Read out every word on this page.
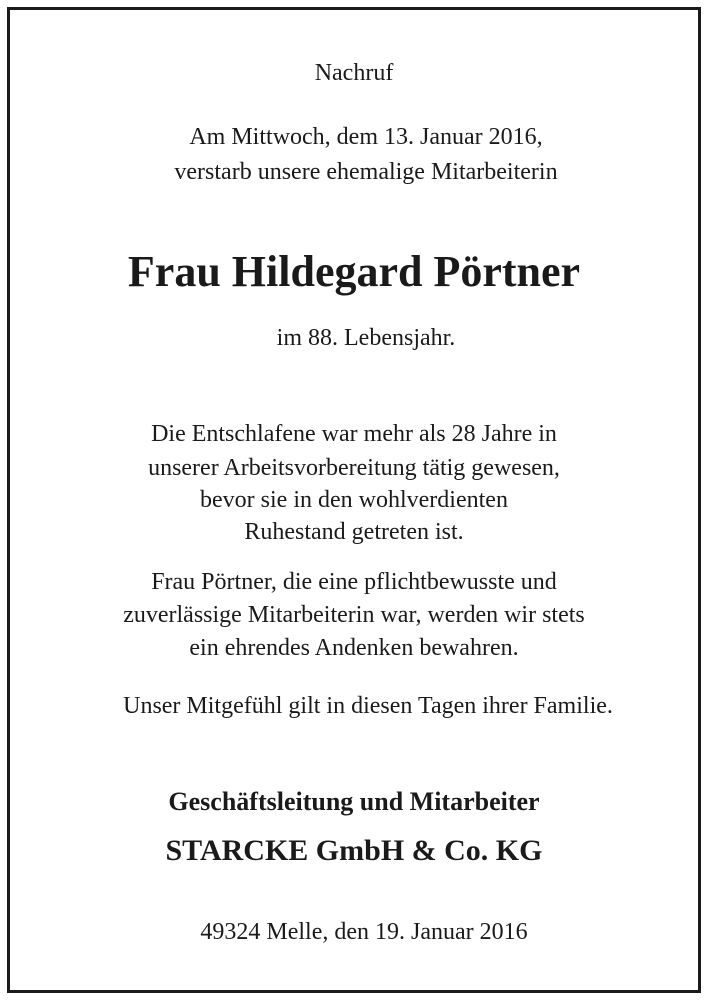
Nachruf

Am Mittwoch, dem 13. Januar 2016,

verstarb unsere ehemalige Mitarbeiterin

Frau Hildegard Pörtner

im 88. Lebensjahr.

Die Entschlafene war mehr als 28 Jahre in

unserer Arbeitsvorbereitung tätig gewesen,

bevor sie in den wohlverdienten

Ruhestand getreten ist.

Frau Pörtner, die eine pflichtbewusste und

zuverlässige Mitarbeiterin war, werden wir stets

ein ehrendes Andenken bewahren.

Unser Mitgefühl gilt in diesen Tagen ihrer Familie.

Geschäftsleitung und Mitarbeiter

STARCKE GmbH & Co. KG

49324 Melle, den 19. Januar 2016
